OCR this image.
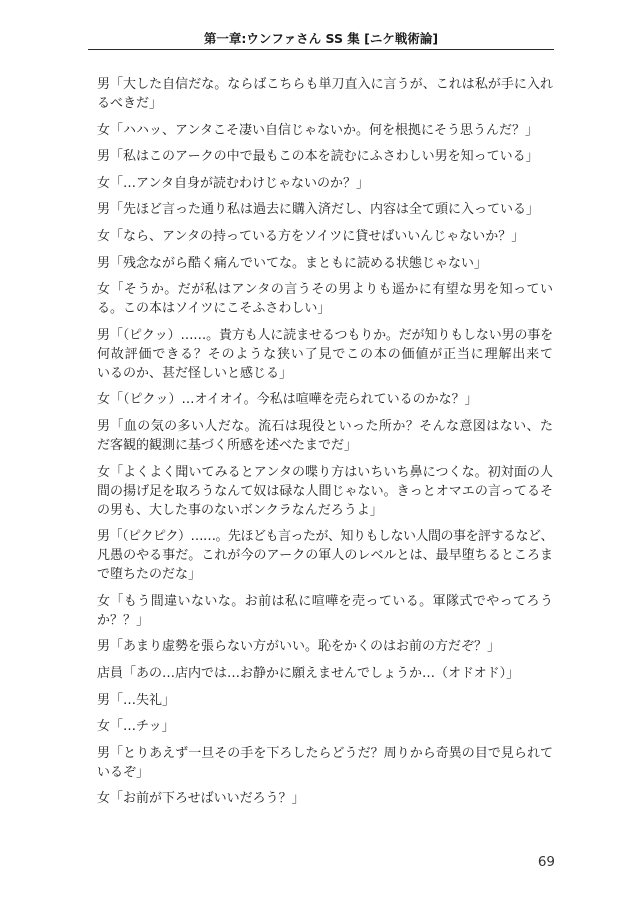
第一章:ウンファさん SS 集 [ニケ戦術論]
男「大した自信だな。ならばこちらも単刀直入に言うが、これは私が手に入れ
るべきだ」
女「ハハッ、アンタこそ凄い自信じゃないか。何を根拠にそう思うんだ？」
男「私はこのアークの中で最もこの本を読むにふさわしい男を知っている」
女「…アンタ自身が読むわけじゃないのか？」
男「先ほど言った通り私は過去に購入済だし、内容は全て頭に入っている」
女「なら、アンタの持っている方をソイツに貸せばいいんじゃないか？」
男「残念ながら酷く痛んでいてな。まともに読める状態じゃない」
女「そうか。だが私はアンタの言うその男よりも遥かに有望な男を知ってい
る。この本はソイツにこそふさわしい」
男「（ピクッ）……。貴方も人に読ませるつもりか。だが知りもしない男の事を
何故評価できる？そのような狭い了見でこの本の価値が正当に理解出来て
いるのか、甚だ怪しいと感じる」
女「（ピクッ）…オイオイ。今私は喧嘩を売られているのかな？」
男「血の気の多い人だな。流石は現役といった所か？そんな意図はない、た
だ客観的観測に基づく所感を述べたまでだ」
女「よくよく聞いてみるとアンタの喋り方はいちいち鼻につくな。初対面の人
間の揚げ足を取ろうなんて奴は碌な人間じゃない。きっとオマエの言ってるそ
の男も、大した事のないボンクラなんだろうよ」
男「（ピクピク）……。先ほども言ったが、知りもしない人間の事を評するなど、
凡愚のやる事だ。これが今のアークの軍人のレベルとは、最早堕ちるところま
で堕ちたのだな」
女「もう間違いないな。お前は私に喧嘩を売っている。軍隊式でやってろう
か？？」
男「あまり虚勢を張らない方がいい。恥をかくのはお前の方だぞ？」
店員「あの…店内では…お静かに願えませんでしょうか…（オドオド）」
男「…失礼」
女「…チッ」
男「とりあえず一旦その手を下ろしたらどうだ？周りから奇異の目で見られて
いるぞ」
女「お前が下ろせばいいだろう？」
69
